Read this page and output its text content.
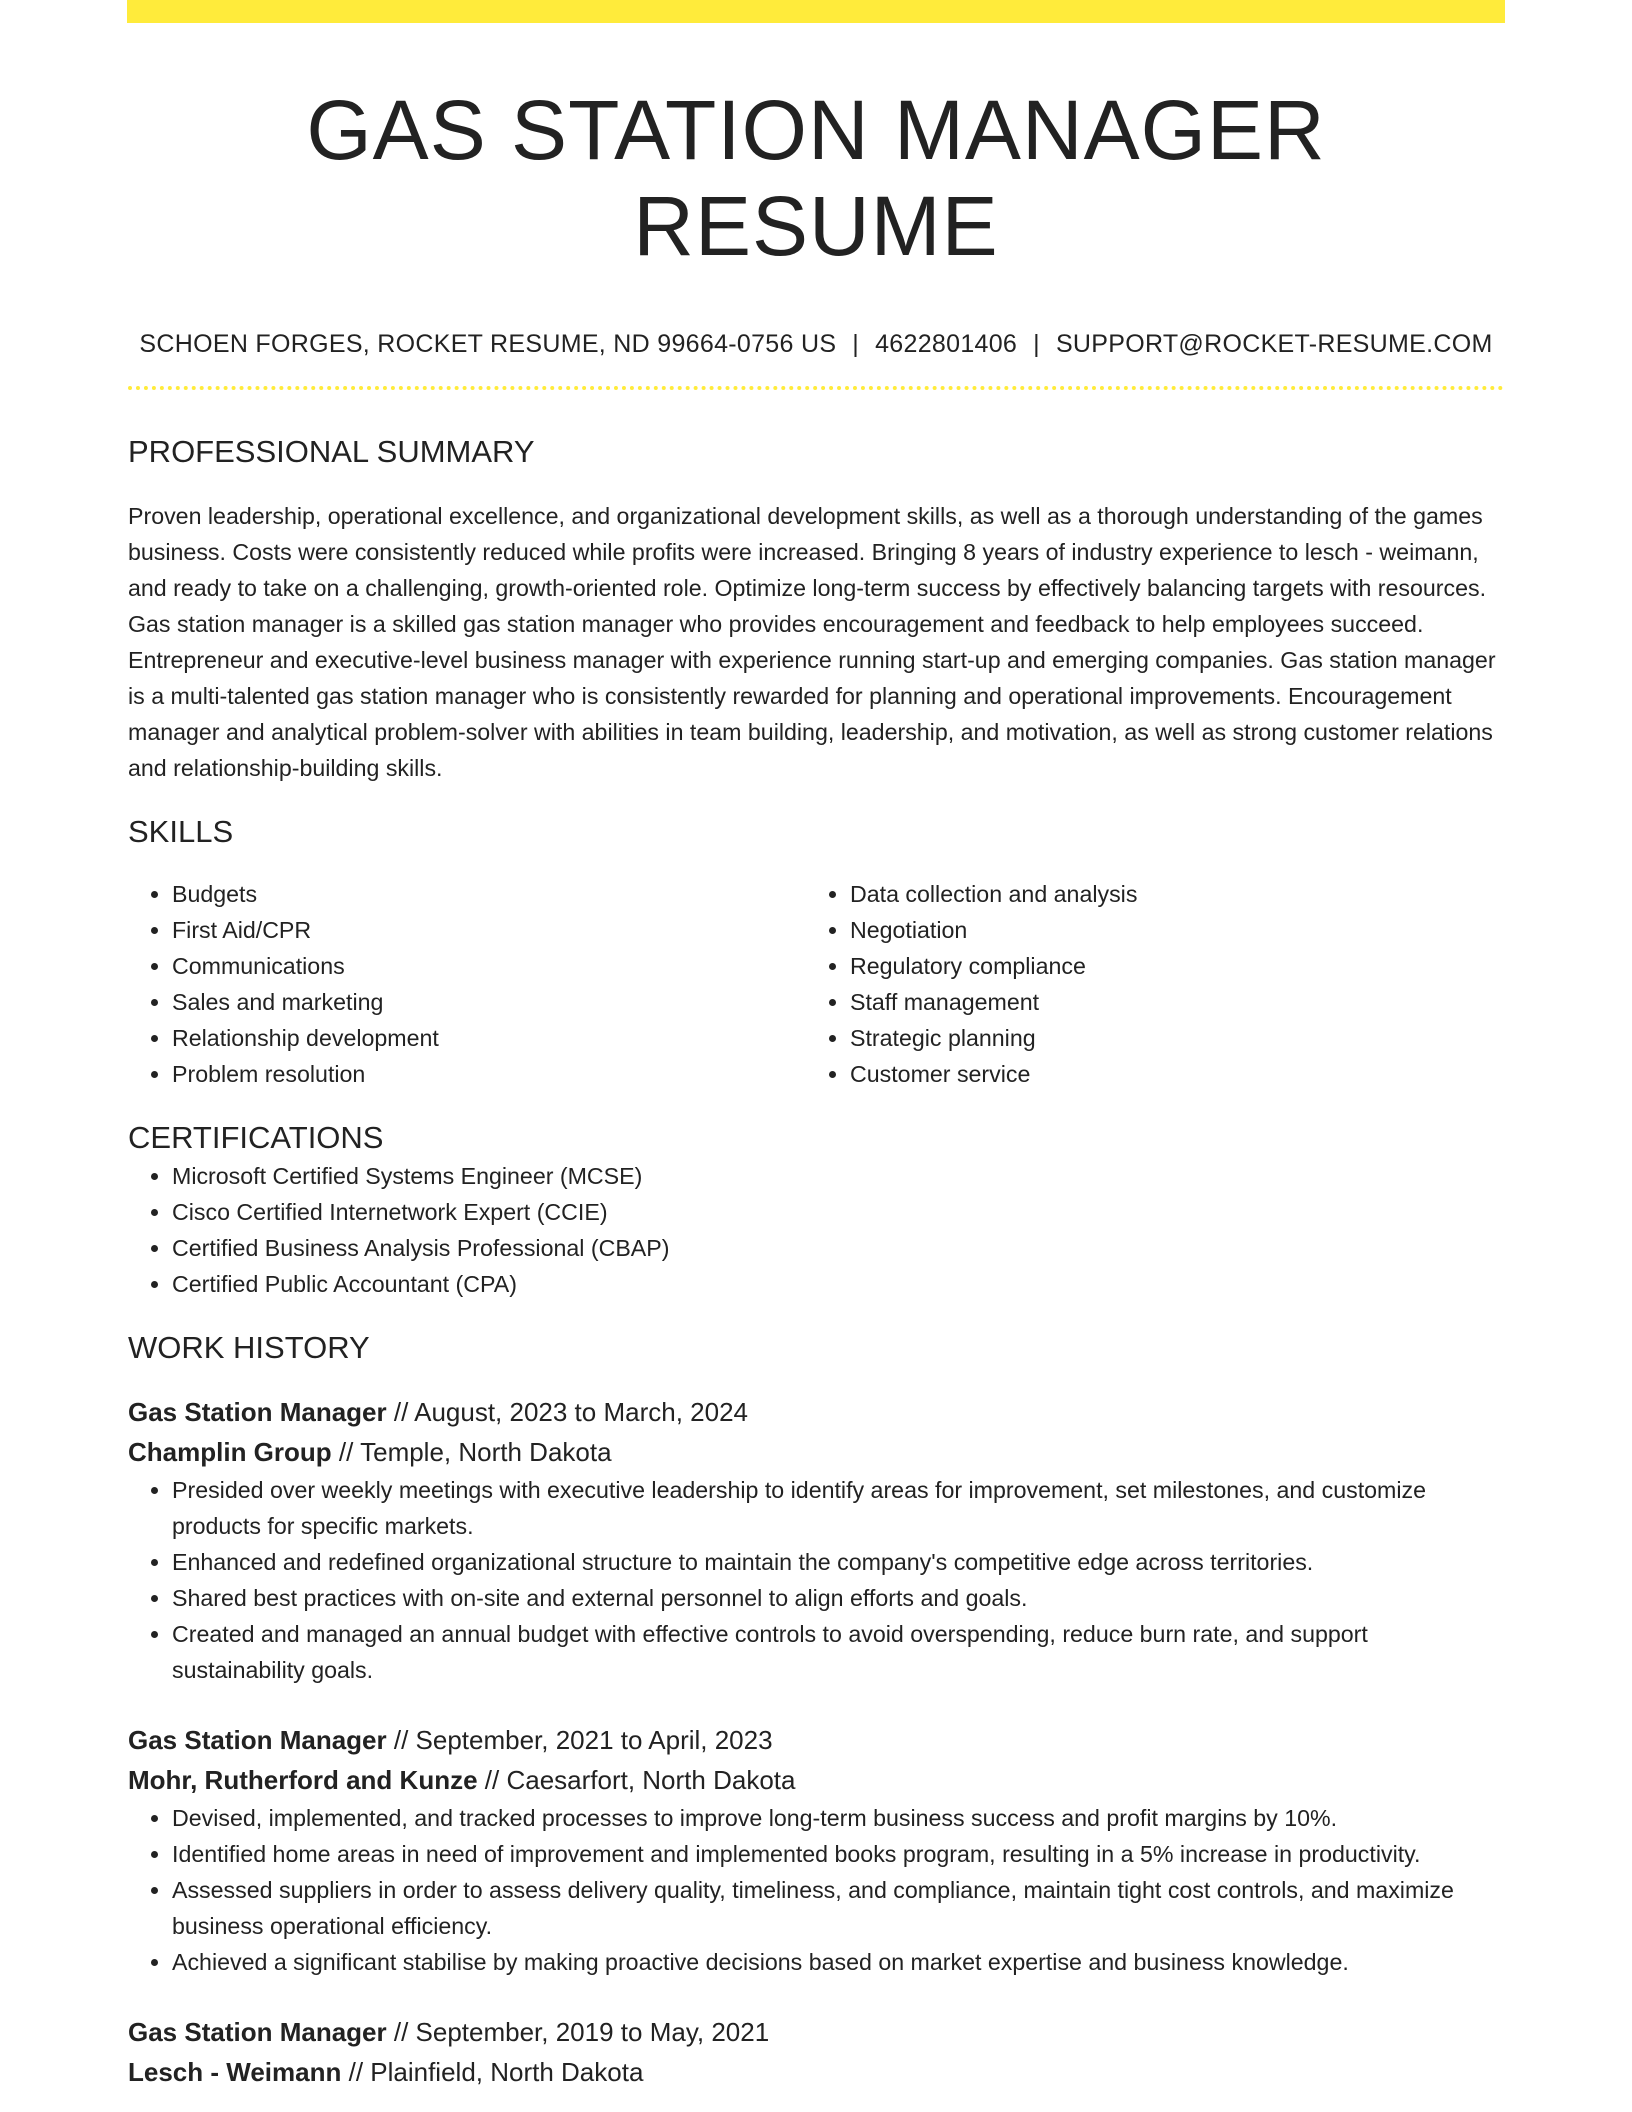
GAS STATION MANAGER RESUME
SCHOEN FORGES, ROCKET RESUME, ND 99664-0756 US | 4622801406 | SUPPORT@ROCKET-RESUME.COM
PROFESSIONAL SUMMARY
Proven leadership, operational excellence, and organizational development skills, as well as a thorough understanding of the games business. Costs were consistently reduced while profits were increased. Bringing 8 years of industry experience to lesch - weimann, and ready to take on a challenging, growth-oriented role. Optimize long-term success by effectively balancing targets with resources. Gas station manager is a skilled gas station manager who provides encouragement and feedback to help employees succeed. Entrepreneur and executive-level business manager with experience running start-up and emerging companies. Gas station manager is a multi-talented gas station manager who is consistently rewarded for planning and operational improvements. Encouragement manager and analytical problem-solver with abilities in team building, leadership, and motivation, as well as strong customer relations and relationship-building skills.
SKILLS
• Budgets
• First Aid/CPR
• Communications
• Sales and marketing
• Relationship development
• Problem resolution
• Data collection and analysis
• Negotiation
• Regulatory compliance
• Staff management
• Strategic planning
• Customer service
CERTIFICATIONS
• Microsoft Certified Systems Engineer (MCSE)
• Cisco Certified Internetwork Expert (CCIE)
• Certified Business Analysis Professional (CBAP)
• Certified Public Accountant (CPA)
WORK HISTORY
Gas Station Manager // August, 2023 to March, 2024
Champlin Group // Temple, North Dakota
• Presided over weekly meetings with executive leadership to identify areas for improvement, set milestones, and customize products for specific markets.
• Enhanced and redefined organizational structure to maintain the company's competitive edge across territories.
• Shared best practices with on-site and external personnel to align efforts and goals.
• Created and managed an annual budget with effective controls to avoid overspending, reduce burn rate, and support sustainability goals.
Gas Station Manager // September, 2021 to April, 2023
Mohr, Rutherford and Kunze // Caesarfort, North Dakota
• Devised, implemented, and tracked processes to improve long-term business success and profit margins by 10%.
• Identified home areas in need of improvement and implemented books program, resulting in a 5% increase in productivity.
• Assessed suppliers in order to assess delivery quality, timeliness, and compliance, maintain tight cost controls, and maximize business operational efficiency.
• Achieved a significant stabilise by making proactive decisions based on market expertise and business knowledge.
Gas Station Manager // September, 2019 to May, 2021
Lesch - Weimann // Plainfield, North Dakota
